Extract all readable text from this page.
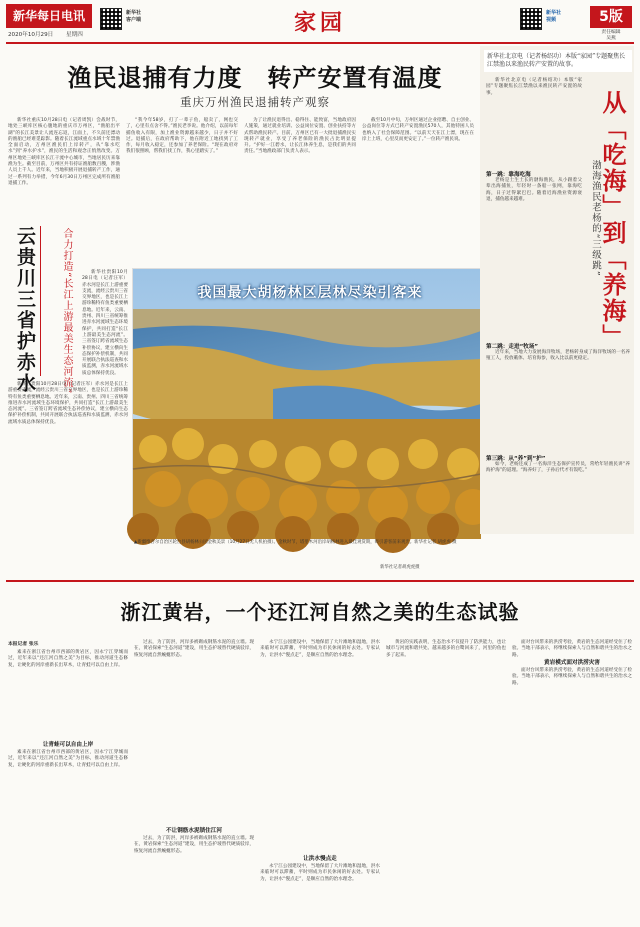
新华每日电讯
2020年10月29日 星期四
新华社
客户端	家园	新华社
视频	5版
责任编辑
吴燕
渔民退捕有力度　转产安置有温度
重庆万州渔民退捕转产观察

新华社重庆10月28日电（记者周凯）会战时节，地处三峡库区核心腹地的重庆市万州区，“渔船出平湖”的长江美景让人流连忘返，江面上，不久前还漂动的渔船已经难觅踪影。随着长江流域重点水域十年禁渔全面启动，万州区渔民们上岸转产，从“靠水吃水”到“养水护水”，渔民的生活和观念正悄然改变。万州区地处三峡库区长江干流中心城市，当地居民历来靠渔为生。截至目前，万州区共有持证渔船数百艘，涉渔人员上千人。近年来，当地积极开展退捕转产工作，通过一系列有力举措，今年6月30日万州区完成所有渔船退捕工作。

“我今年58岁，打了一辈子鱼，船卖了，网也交了，心里有点舍不得。”渔民老李说。他介绍，以前每年捕鱼收入有限，加上渔业资源越来越少，日子并不好过。退捕后，在政府帮助下，他在附近工地找到了工作，每月收入稳定，还参加了养老保险。“现在政府对我们很照顾，帮我们找工作，我心里踏实了。”

为了让渔民退得出、稳得住、能致富，当地政府因人施策，通过就业培训、公益岗位安置、创业扶持等方式帮助渔民转产。目前，万州区已有一大批退捕渔民实现转产就业，享受了养老保险的渔民占比明显提升。“护好一江碧水，让长江休养生息，是我们的共同责任。”当地渔政部门负责人表示。

截至10月中旬，万州区通过企业招聘、自主创业、公益岗位等方式已转产安置渔民570人，其他特困人员也纳入了社会保障范围。“以前天天在江上漂，现在在岸上上班，心里反而更安定了。”一位转产渔民说。

云贵川三省护赤水	合力打造“长江上游最美生态河流”	新华社贵阳10月28日电（记者汪军）赤水河是长江上游重要支流，流经云贵川三省交界地区，也是长江上游珍稀特有鱼类重要栖息地。近年来，云南、贵州、四川三省统筹推进赤水河流域生态环境保护，共同打造“长江上游最美生态河流”。三省签订跨省流域生态补偿协议，建立横向生态保护补偿机制，共同开展联合执法巡查和水质监测，赤水河流域水质总体保持优良。

新华社贵阳10月28日电（记者汪军）赤水河是长江上游重要支流，流经云贵川三省交界地区，也是长江上游珍稀特有鱼类重要栖息地。近年来，云南、贵州、四川三省统筹推进赤水河流域生态环境保护，共同打造“长江上游最美生态河流”。三省签订跨省流域生态补偿协议，建立横向生态保护补偿机制，共同开展联合执法巡查和水质监测，赤水河流域水质总体保持优良。

我国最大胡杨林区层林尽染引客来
▲新疆维吾尔自治区轮台县胡杨林公园金秋美景（10月27日无人机拍摄）。金秋时节，塔里木河沿岸胡杨林进入最佳观赏期，吸引游客前来观光。新华社记者 胡虎虎 摄
新华社记者胡虎虎摄
新华社北京电（记者杨绍功）本版“家园”专题聚焦长江禁渔以来渔民转产安置的故事。
从「吃海」到「养海」
渤海渔民老杨的“三级跳”

新华社北京电（记者杨绍功）本版“家园”专题聚焦长江禁渔以来渔民转产安置的故事。

第一跳：靠海吃海

老杨是土生土长的渤海渔民，从小跟着父辈出海捕鱼，年轻时一条船一张网，靠海吃海，日子过得紧巴巴。随着近海渔业资源衰退，捕鱼越来越难。

第二跳：走进“牧场”

近年来，当地大力发展海洋牧场，老杨转身成了海洋牧场的一名养殖工人，投放礁体、培育海参，收入比以前更稳定。

第三跳：从“养”到“护”

如今，老杨还成了一名海洋生态保护宣传员，常给年轻渔民讲“养海护海”的道理。“海养好了，子孙后代才有饭吃。”

浙江黄岩，一个还江河自然之美的生态试验
本报记者 张乐

素来在浙江省台州市西部的黄岩区，因永宁江穿城而过，近年来以“还江河自然之美”为目标，推动河道生态修复，让硬化的河岸重新长出草木，让青蛙可以自由上岸。

让青蛙可以自由上岸

素来在浙江省台州市西部的黄岩区，因永宁江穿城而过，近年来以“还江河自然之美”为目标，推动河道生态修复，让硬化的河岸重新长出草木，让青蛙可以自由上岸。

过去，为了防洪，河岸多被砌成钢筋水泥的直立墙。现在，黄岩探索“生态河道”建设，用生态护坡替代硬质驳岸，恢复河流自然蜿蜒形态。

不让钢筋水泥锁住江河

过去，为了防洪，河岸多被砌成钢筋水泥的直立墙。现在，黄岩探索“生态河道”建设，用生态护坡替代硬质驳岸，恢复河流自然蜿蜒形态。

永宁江公园建设中，当地保留了大片滩地和湿地，洪水来临时可以滞蓄，平时则成为市民休闲的好去处。专家认为，让洪水“慢点走”，是顺应自然的治水理念。

让洪水慢点走

永宁江公园建设中，当地保留了大片滩地和湿地，洪水来临时可以滞蓄，平时则成为市民休闲的好去处。专家认为，让洪水“慢点走”，是顺应自然的治水理念。

黄岩的实践表明，生态治水不仅提升了防洪能力，也让城市与河流和谐共处。越来越多的白鹭回来了，河里的鱼也多了起来。

面对台风带来的洪涝考验，黄岩的生态河道经受住了检验。当地干部表示，将继续探索人与自然和谐共生的治水之路。

黄岩模式面对洪涝灾害

面对台风带来的洪涝考验，黄岩的生态河道经受住了检验。当地干部表示，将继续探索人与自然和谐共生的治水之路。
